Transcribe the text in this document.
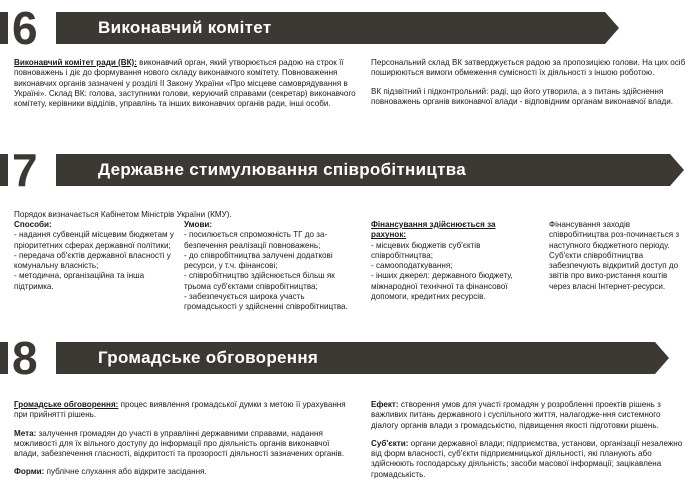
6	Виконавчий комітет

Виконавчий комітет ради (ВК): виконавчий орган, який утворюється радою на строк її повноважень і діє до формування нового складу виконавчого комітету. Повноваження виконавчих органів зазначені у розділі ІІ Закону України «Про місцеве самоврядування в Україні». Склад ВК: голова, заступники голови, керуючий справами (секретар) виконавчого комітету, керівники відділів, управлінь та інших виконавчих органів ради, інші особи.

Персональний склад ВК затверджується радою за пропозицією голови. На цих осіб поширюються вимоги обмеження сумісності їх діяльності з іншою роботою.

ВК підзвітний і підконтрольний: раді, що його утворила, а з питань здійснення повноважень органів виконавчої влади - відповідним органам виконавчої влади.

7	Державне стимулювання співробітництва
Порядок визначається Кабінетом Міністрів України (КМУ).

Способи:

- надання субвенцій місцевим бюджетам у пріоритетних сферах державної політики;

- передача об'єктів державної власності у комунальну власність;

- методична, організаційна та інша підтримка.

Умови:

- посилюється спроможність ТГ до за-безпечення реалізації повноважень;

- до співробітництва залучені додаткові ресурси, у т.ч. фінансові;

- співробітництво здійснюється більш як трьома суб'єктами співробітництва;

- забезпечується широка участь громадськості у здійсненні співробітництва.

Фінансування здійснюється за рахунок:

- місцевих бюджетів суб'єктів співробітництва;

- самооподаткування;

- інших джерел: державного бюджету, міжнародної технічної та фінансової допомоги, кредитних ресурсів.

Фінансування заходів співробітництва роз-починається з наступного бюджетного періоду. Суб'єкти співробітництва забезпечують відкритий доступ до звітів про вико-ристання коштів через власні Інтернет-ресурси.
8	Громадське обговорення

Громадське обговорення: процес виявлення громадської думки з метою її урахування при прийнятті рішень.

Мета: залучення громадян до участі в управлінні державними справами, надання можливості для їх вільного доступу до інформації про діяльність органів виконавчої влади, забезпечення гласності, відкритості та прозорості діяльності зазначених органів.

Форми: публічне слухання або відкрите засідання.

Ефект: створення умов для участі громадян у розробленні проектів рішень з важливих питань державного і суспільного життя, налагодже-ння системного діалогу органів влади з громадськістю, підвищення якості підготовки рішень.

Суб'єкти: органи державної влади; підприємства, установи, організації незалежно від форм власності, суб'єкти підприємницької діяльності, які планують або здійснюють господарську діяльність; засоби масової інформації; зацікавлена громадськість.
